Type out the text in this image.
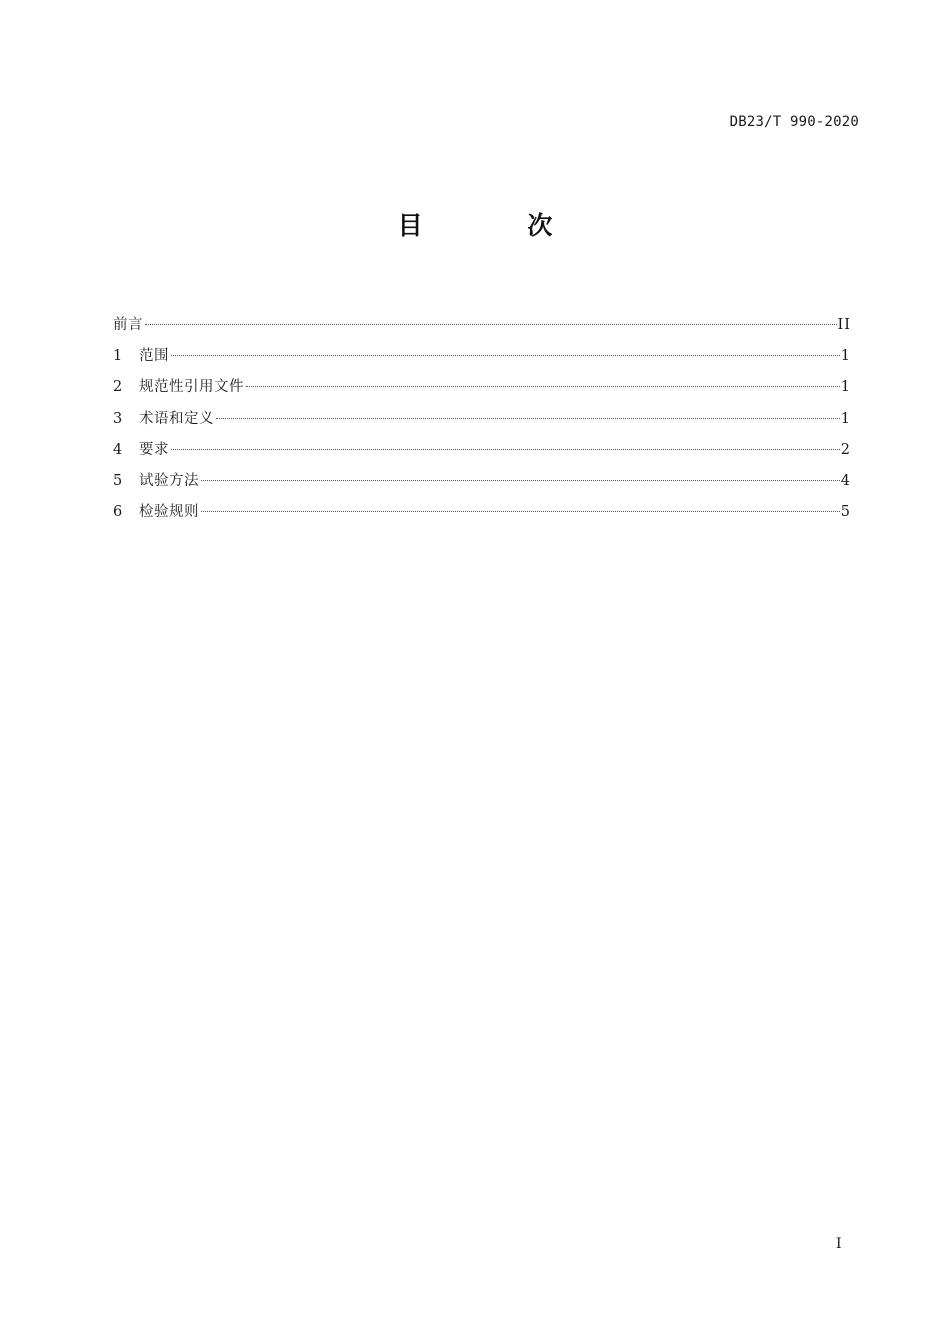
DB23/T 990-2020
目 次
前言	II
1	范围	1
2	规范性引用文件	1
3	术语和定义	1
4	要求	2
5	试验方法	4
6	检验规则	5
I
